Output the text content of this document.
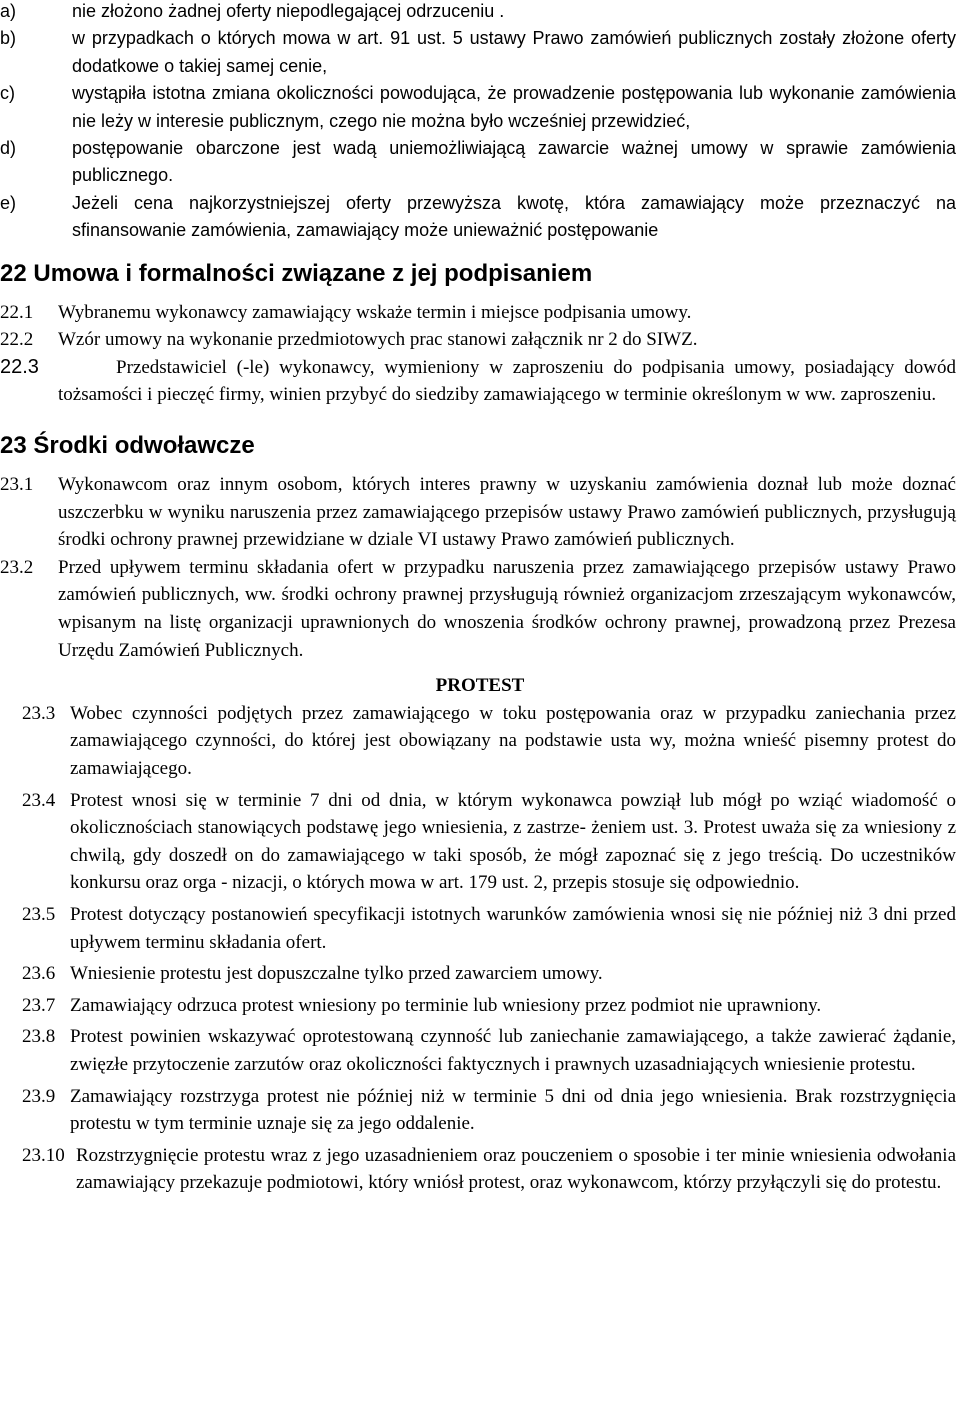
a)	nie złożono żadnej oferty niepodlegającej odrzuceniu .
b)	w przypadkach o których mowa w art. 91 ust. 5 ustawy Prawo zamówień publicznych zostały złożone oferty dodatkowe o takiej samej cenie,
c)	wystąpiła istotna zmiana okoliczności powodująca, że prowadzenie postępowania lub wykonanie zamówienia nie leży w interesie publicznym, czego nie można było wcześniej przewidzieć,
d)	postępowanie obarczone jest wadą uniemożliwiającą zawarcie ważnej umowy w sprawie zamówienia publicznego.
e)	Jeżeli cena najkorzystniejszej oferty przewyższa kwotę, która zamawiający może przeznaczyć na sfinansowanie zamówienia, zamawiający może unieważnić postępowanie
22 Umowa i formalności związane z jej podpisaniem
22.1 Wybranemu wykonawcy zamawiający wskaże termin i miejsce podpisania umowy.
22.2 Wzór umowy na wykonanie przedmiotowych prac stanowi załącznik nr 2 do SIWZ.
22.3	Przedstawiciel (-le) wykonawcy, wymieniony w zaproszeniu do podpisania umowy, posiadający dowód tożsamości i pieczęć firmy, winien przybyć do siedziby zamawiającego w terminie określonym w ww. zaproszeniu.
23 Środki odwoławcze
23.1 Wykonawcom oraz innym osobom, których interes prawny w uzyskaniu zamówienia doznał lub może doznać uszczerbku w wyniku naruszenia przez zamawiającego przepisów ustawy Prawo zamówień publicznych, przysługują środki ochrony prawnej przewidziane w dziale VI ustawy Prawo zamówień publicznych.
23.2 Przed upływem terminu składania ofert w przypadku naruszenia przez zamawiającego przepisów ustawy Prawo zamówień publicznych, ww. środki ochrony prawnej przysługują również organizacjom zrzeszającym wykonawców, wpisanym na listę organizacji uprawnionych do wnoszenia środków ochrony prawnej, prowadzoną przez Prezesa Urzędu Zamówień Publicznych.
PROTEST
23.3 Wobec czynności podjętych przez zamawiającego w toku postępowania oraz w przypadku zaniechania przez zamawiającego czynności, do której jest obowiązany na podstawie usta wy, można wnieść pisemny protest do zamawiającego.
23.4 Protest wnosi się w terminie 7 dni od dnia, w którym wykonawca powziął lub mógł po wziąć wiadomość o okolicznościach stanowiących podstawę jego wniesienia, z zastrze- żeniem ust. 3. Protest uważa się za wniesiony z chwilą, gdy doszedł on do zamawiającego w taki sposób, że mógł zapoznać się z jego treścią. Do uczestników konkursu oraz orga - nizacji, o których mowa w art. 179 ust. 2, przepis stosuje się odpowiednio.
23.5 Protest dotyczący postanowień specyfikacji istotnych warunków zamówienia wnosi się nie później niż 3 dni przed upływem terminu składania ofert.
23.6 Wniesienie protestu jest dopuszczalne tylko przed zawarciem umowy.
23.7 Zamawiający odrzuca protest wniesiony po terminie lub wniesiony przez podmiot nie uprawniony.
23.8 Protest powinien wskazywać oprotestowaną czynność lub zaniechanie zamawiającego, a także zawierać żądanie, zwięzłe przytoczenie zarzutów oraz okoliczności faktycznych i prawnych uzasadniających wniesienie protestu.
23.9 Zamawiający rozstrzyga protest nie później niż w terminie 5 dni od dnia jego wniesienia. Brak rozstrzygnięcia protestu w tym terminie uznaje się za jego oddalenie.
23.10 Rozstrzygnięcie protestu wraz z jego uzasadnieniem oraz pouczeniem o sposobie i ter minie wniesienia odwołania zamawiający przekazuje podmiotowi, który wniósł protest, oraz wykonawcom, którzy przyłączyli się do protestu.
